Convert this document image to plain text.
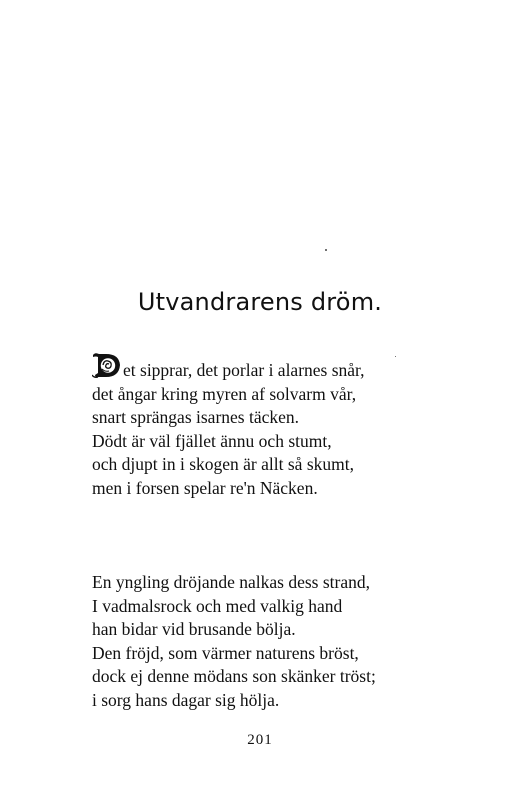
Utvandrarens dröm.

et sipprar, det porlar i alarnes snår,
det ångar kring myren af solvarm vår,
snart sprängas isarnes täcken.
Dödt är väl fjället ännu och stumt,
och djupt in i skogen är allt så skumt,
men i forsen spelar re'n Näcken.

En yngling dröjande nalkas dess strand,
I vadmalsrock och med valkig hand
han bidar vid brusande bölja.
Den fröjd, som värmer naturens bröst,
dock ej denne mödans son skänker tröst;
i sorg hans dagar sig hölja.

201
